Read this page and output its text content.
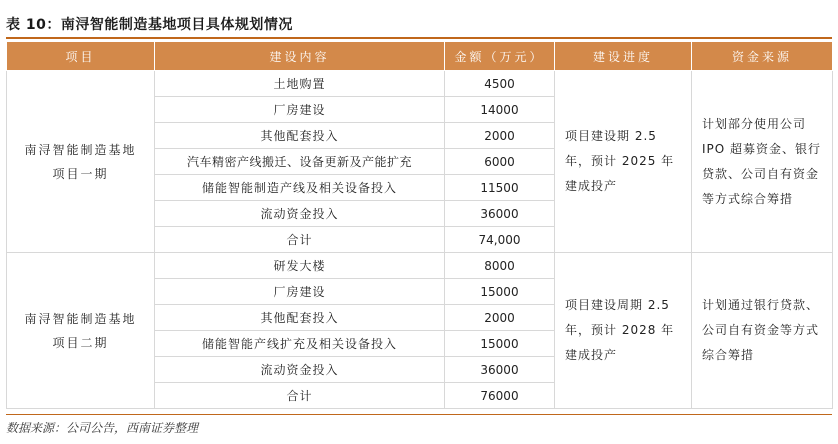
表 10：南浔智能制造基地项目具体规划情况
项目	建设内容	金额（万元）	建设进度	资金来源
南浔智能制造基地项目一期	土地购置	4500	项目建设期 2.5 年，预计 2025 年建成投产	计划部分使用公司 IPO 超募资金、银行贷款、公司自有资金等方式综合筹措
	厂房建设	14000		
	其他配套投入	2000		
	汽车精密产线搬迁、设备更新及产能扩充	6000		
	储能智能制造产线及相关设备投入	11500		
	流动资金投入	36000		
	合计	74,000		
南浔智能制造基地项目二期	研发大楼	8000	项目建设周期 2.5 年，预计 2028 年建成投产	计划通过银行贷款、公司自有资金等方式综合筹措
	厂房建设	15000		
	其他配套投入	2000		
	储能智能产线扩充及相关设备投入	15000		
	流动资金投入	36000		
	合计	76000		
数据来源：公司公告，西南证券整理
